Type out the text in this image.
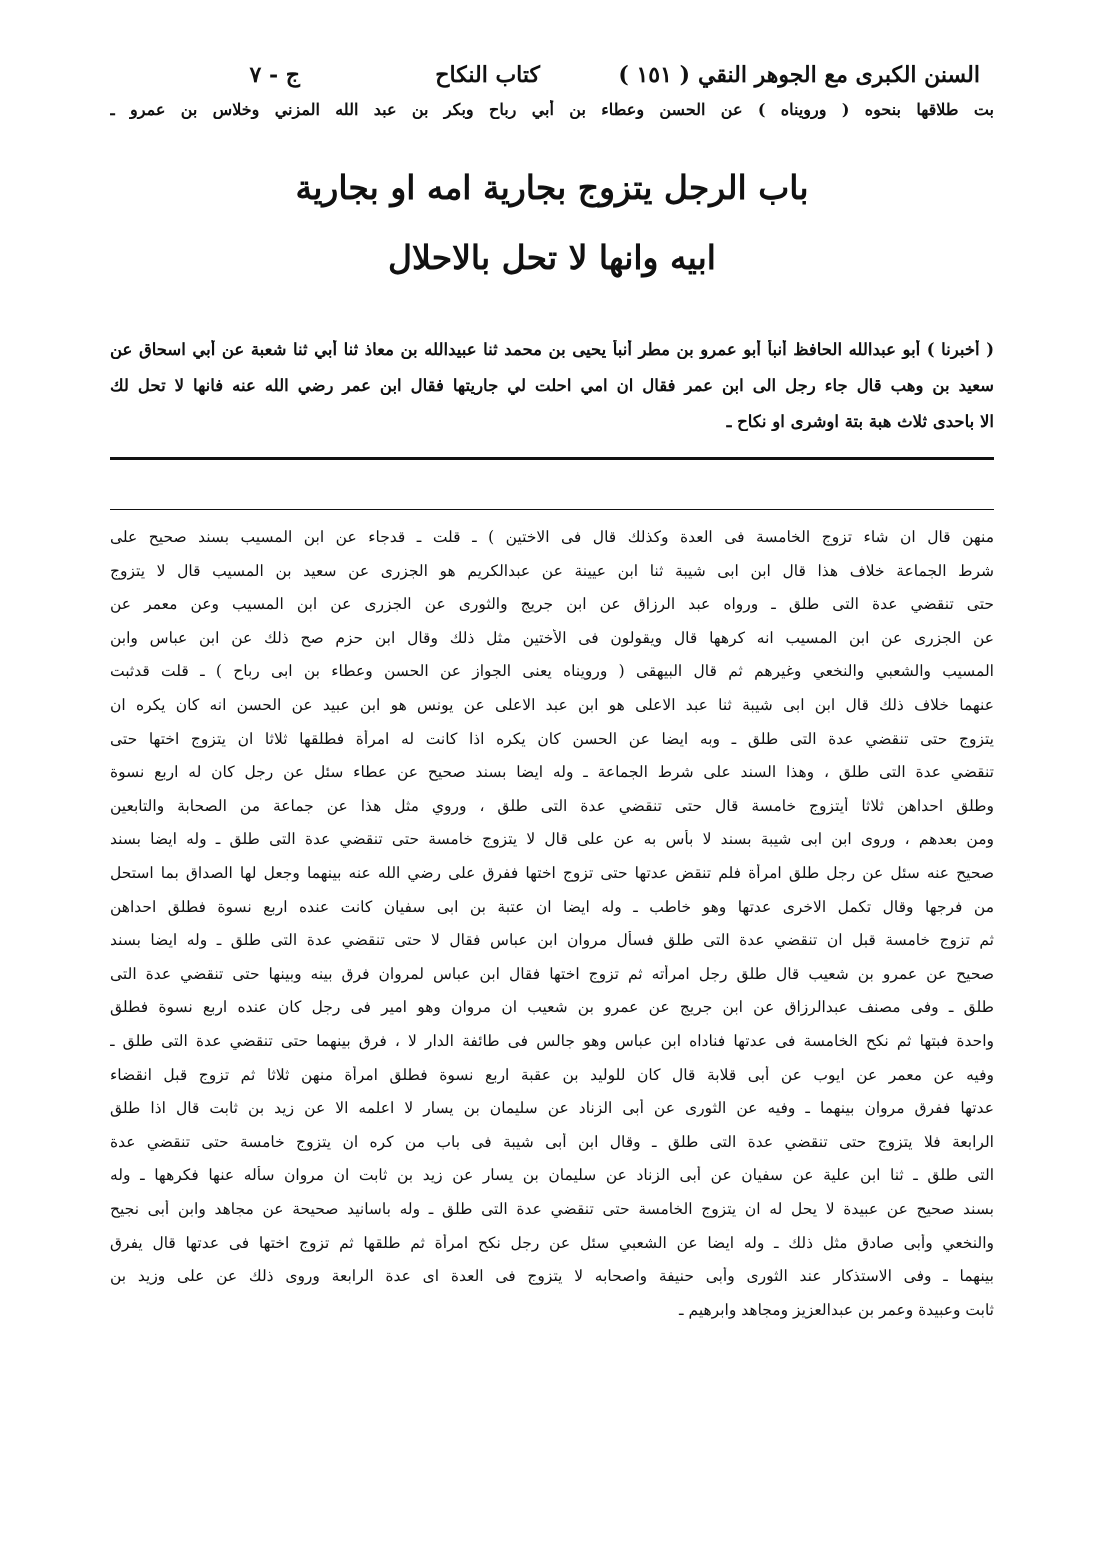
السنن الكبرى مع الجوهر النقي
( ١٥١ )
كتاب النكاح
ج - ٧
بت طلاقها بنحوه ( ورويناه ) عن الحسن وعطاء بن أبي رباح وبكر بن عبد الله المزني وخلاس بن عمرو ـ
باب الرجل يتزوج بجارية امه او بجارية
ابيه وانها لا تحل بالاحلال
( أخبرنا ) أبو عبدالله الحافظ أنبأ أبو عمرو بن مطر أنبأ يحيى بن محمد ثنا عبيدالله بن معاذ ثنا أبي ثنا شعبة عن أبي اسحاق عن
سعيد بن وهب قال جاء رجل الى ابن عمر فقال ان امي احلت لي جاريتها فقال ابن عمر رضي الله عنه فانها لا تحل لك
الا باحدى ثلاث هبة بتة اوشرى او نكاح ـ
منهن قال ان شاء تزوج الخامسة فى العدة وكذلك قال فى الاختين ) ـ قلت ـ قدجاء عن ابن المسيب بسند صحيح على
شرط الجماعة خلاف هذا قال ابن ابى شيبة ثنا ابن عيينة عن عبدالكريم هو الجزرى عن سعيد بن المسيب قال لا يتزوج
حتى تنقضي عدة التى طلق ـ ورواه عبد الرزاق عن ابن جريج والثورى عن الجزرى عن ابن المسيب وعن معمر عن
عن الجزرى عن ابن المسيب انه كرهها قال ويقولون فى الأختين مثل ذلك وقال ابن حزم صح ذلك عن ابن عباس وابن
المسيب والشعبي والنخعي وغيرهم ثم قال البيهقى ( ورويناه يعنى الجواز عن الحسن وعطاء بن ابى رباح ) ـ قلت قدثبت
عنهما خلاف ذلك قال ابن ابى شيبة ثنا عبد الاعلى هو ابن عبد الاعلى عن يونس هو ابن عبيد عن الحسن انه كان يكره ان
يتزوج حتى تنقضي عدة التى طلق ـ وبه ايضا عن الحسن كان يكره اذا كانت له امرأة فطلقها ثلاثا ان يتزوج اختها حتى
تنقضي عدة التى طلق ، وهذا السند على شرط الجماعة ـ وله ايضا بسند صحيح عن عطاء سئل عن رجل كان له اربع نسوة
وطلق احداهن ثلاثا أيتزوج خامسة قال حتى تنقضي عدة التى طلق ، وروي مثل هذا عن جماعة من الصحابة والتابعين
ومن بعدهم ، وروى ابن ابى شيبة بسند لا بأس به عن على قال لا يتزوج خامسة حتى تنقضي عدة التى طلق ـ وله ايضا بسند
صحيح عنه سئل عن رجل طلق امرأة فلم تنقض عدتها حتى تزوج اختها ففرق على رضي الله عنه بينهما وجعل لها الصداق بما استحل
من فرجها وقال تكمل الاخرى عدتها وهو خاطب ـ وله ايضا ان عتبة بن ابى سفيان كانت عنده اربع نسوة فطلق احداهن
ثم تزوج خامسة قبل ان تنقضي عدة التى طلق فسأل مروان ابن عباس فقال لا حتى تنقضي عدة التى طلق ـ وله ايضا بسند
صحيح عن عمرو بن شعيب قال طلق رجل امرأته ثم تزوج اختها فقال ابن عباس لمروان فرق بينه وبينها حتى تنقضي عدة التى
طلق ـ وفى مصنف عبدالرزاق عن ابن جريج عن عمرو بن شعيب ان مروان وهو امير فى رجل كان عنده اربع نسوة فطلق
واحدة فبتها ثم نكح الخامسة فى عدتها فناداه ابن عباس وهو جالس فى طائفة الدار لا ، فرق بينهما حتى تنقضي عدة التى طلق ـ
وفيه عن معمر عن ايوب عن أبى قلابة قال كان للوليد بن عقبة اربع نسوة فطلق امرأة منهن ثلاثا ثم تزوج قبل انقضاء
عدتها ففرق مروان بينهما ـ وفيه عن الثورى عن أبى الزناد عن سليمان بن يسار لا اعلمه الا عن زيد بن ثابت قال اذا طلق
الرابعة فلا يتزوج حتى تنقضي عدة التى طلق ـ وقال ابن أبى شيبة فى باب من كره ان يتزوج خامسة حتى تنقضي عدة
التى طلق ـ ثنا ابن علية عن سفيان عن أبى الزناد عن سليمان بن يسار عن زيد بن ثابت ان مروان سأله عنها فكرهها ـ وله
بسند صحيح عن عبيدة لا يحل له ان يتزوج الخامسة حتى تنقضي عدة التى طلق ـ وله باسانيد صحيحة عن مجاهد وابن أبى نجيح
والنخعي وأبى صادق مثل ذلك ـ وله ايضا عن الشعبي سئل عن رجل نكح امرأة ثم طلقها ثم تزوج اختها فى عدتها قال يفرق
بينهما ـ وفى الاستذكار عند الثورى وأبى حنيفة واصحابه لا يتزوج فى العدة اى عدة الرابعة وروى ذلك عن على وزيد بن
ثابت وعبيدة وعمر بن عبدالعزيز ومجاهد وابرهيم ـ
